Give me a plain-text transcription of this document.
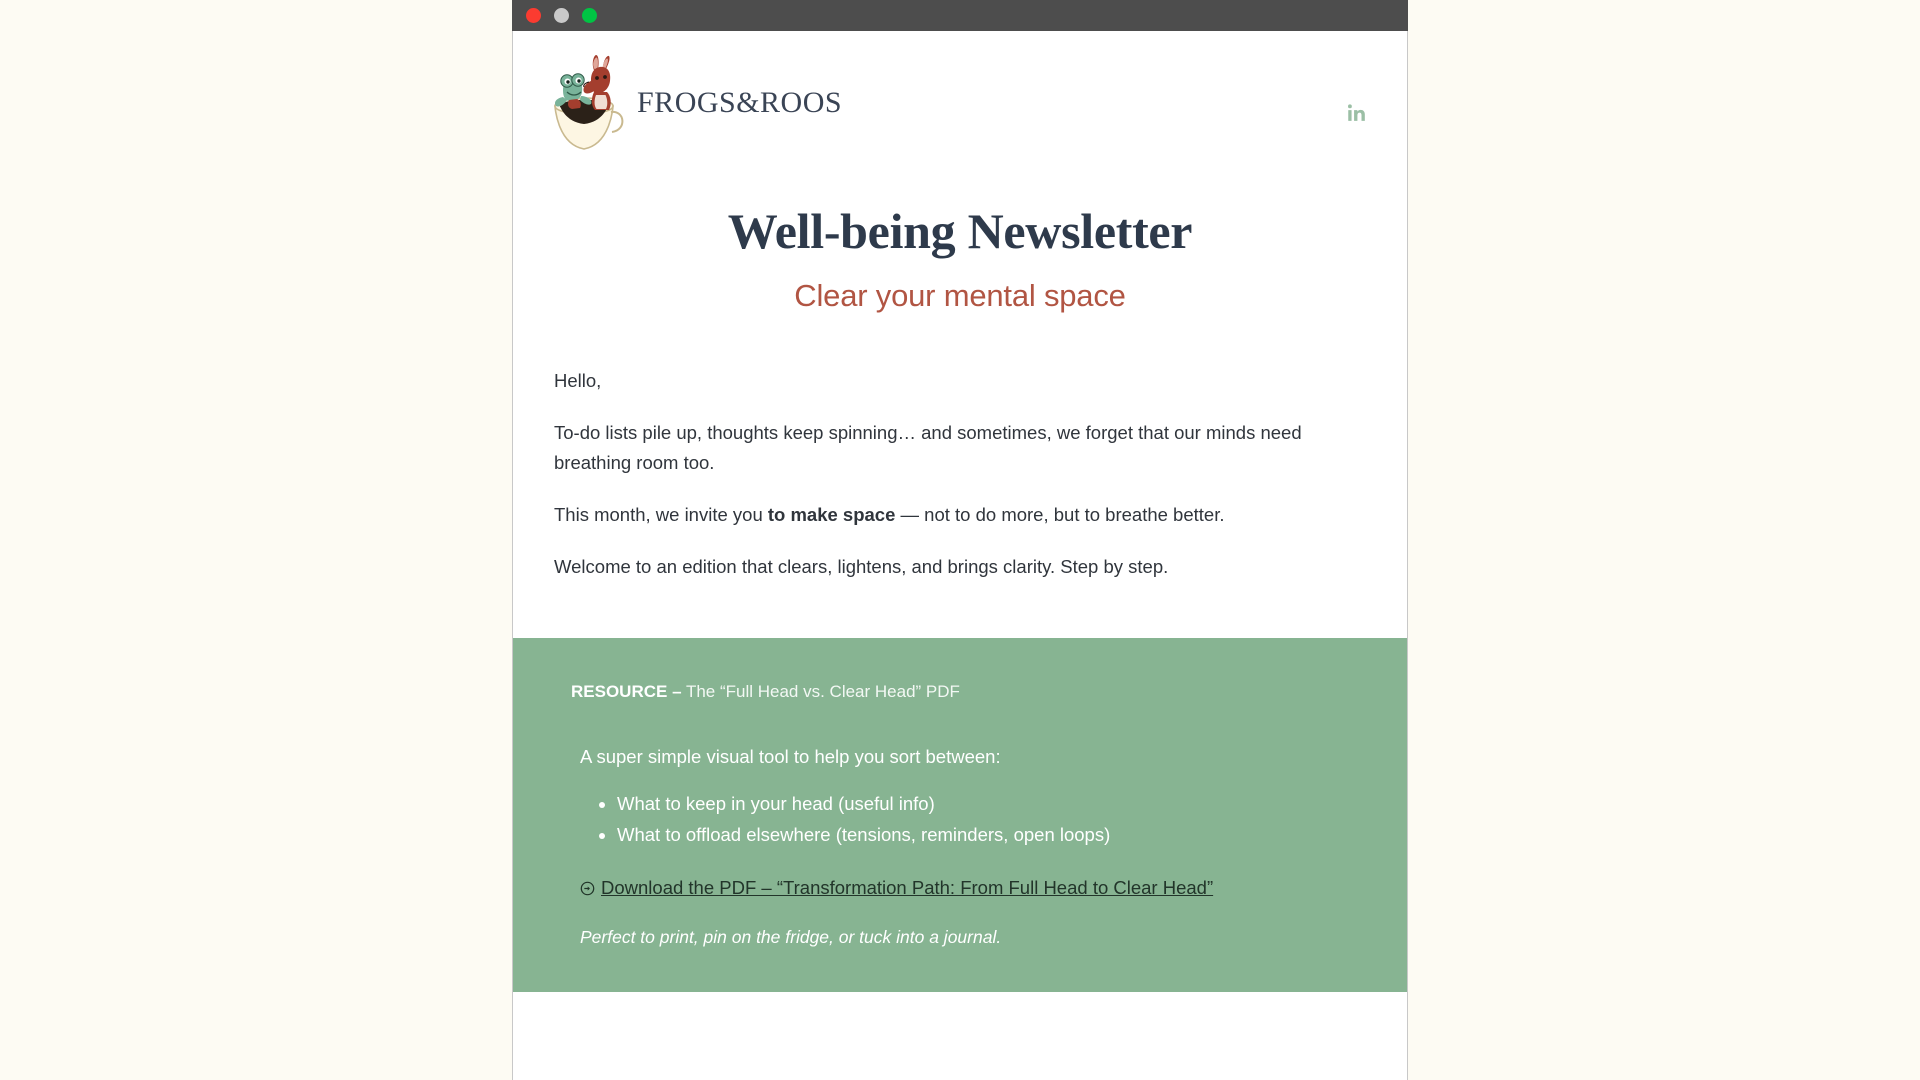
FROGS&ROOS
Well-being Newsletter
Clear your mental space

Hello,

To-do lists pile up, thoughts keep spinning… and sometimes, we forget that our minds need breathing room too.

This month, we invite you to make space — not to do more, but to breathe better.

Welcome to an edition that clears, lightens, and brings clarity. Step by step.

RESOURCE – The “Full Head vs. Clear Head” PDF

A super simple visual tool to help you sort between:

• What to keep in your head (useful info)
• What to offload elsewhere (tensions, reminders, open loops)
Download the PDF – “Transformation Path: From Full Head to Clear Head”

Perfect to print, pin on the fridge, or tuck into a journal.
